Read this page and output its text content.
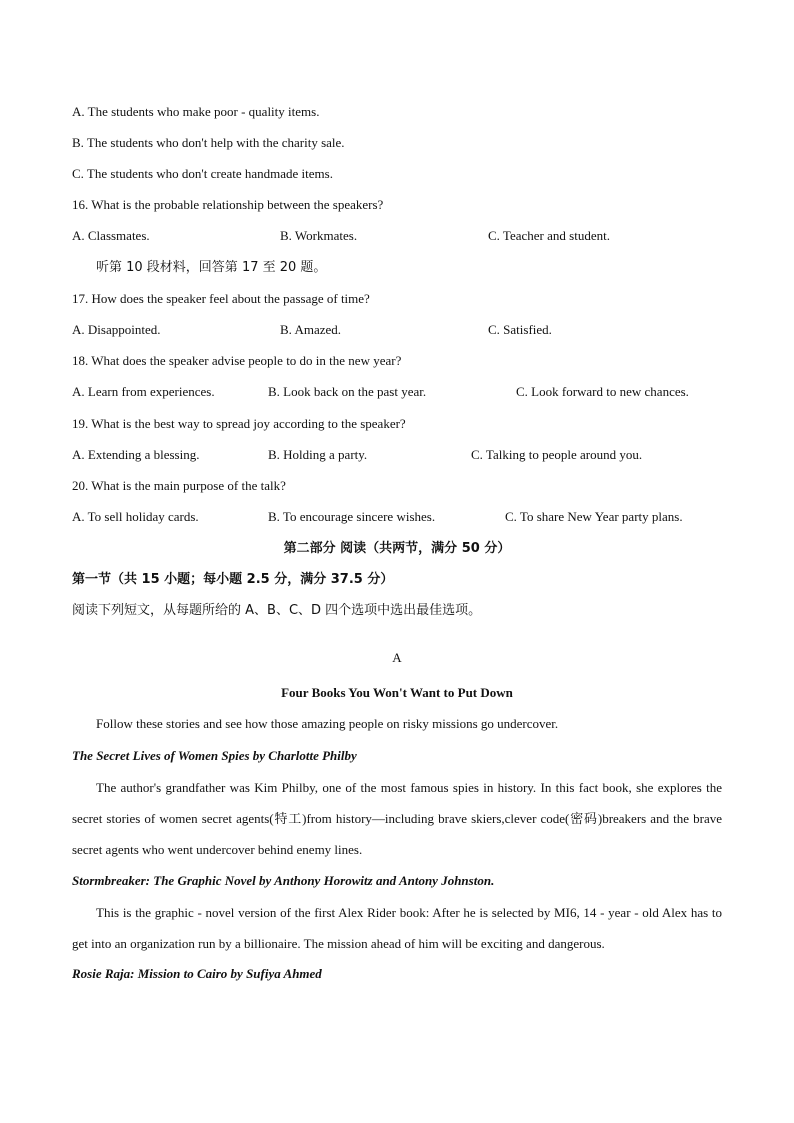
A. The students who make poor - quality items.
B. The students who don't help with the charity sale.
C. The students who don't create handmade items.
16. What is the probable relationship between the speakers?
A. Classmates.	B. Workmates.	C. Teacher and student.
听第 10 段材料，回答第 17 至 20 题。
17. How does the speaker feel about the passage of time?
A. Disappointed.	B. Amazed.	C. Satisfied.
18. What does the speaker advise people to do in the new year?
A. Learn from experiences.	B. Look back on the past year.	C. Look forward to new chances.
19. What is the best way to spread joy according to the speaker?
A. Extending a blessing.	B. Holding a party.	C. Talking to people around you.
20. What is the main purpose of the talk?
A. To sell holiday cards.	B. To encourage sincere wishes.	C. To share New Year party plans.
第二部分 阅读（共两节，满分 50 分）
第一节（共 15 小题；每小题 2.5 分，满分 37.5 分）
阅读下列短文，从每题所给的 A、B、C、D 四个选项中选出最佳选项。
A
Four Books You Won't Want to Put Down
Follow these stories and see how those amazing people on risky missions go undercover.
The Secret Lives of Women Spies by Charlotte Philby
The author's grandfather was Kim Philby, one of the most famous spies in history. In this fact book, she explores the secret stories of women secret agents(特工)from history—including brave skiers,clever code(密码)breakers and the brave secret agents who went undercover behind enemy lines.
Stormbreaker: The Graphic Novel by Anthony Horowitz and Antony Johnston.
This is the graphic - novel version of the first Alex Rider book: After he is selected by MI6, 14 - year - old Alex has to get into an organization run by a billionaire. The mission ahead of him will be exciting and dangerous.
Rosie Raja: Mission to Cairo by Sufiya Ahmed
